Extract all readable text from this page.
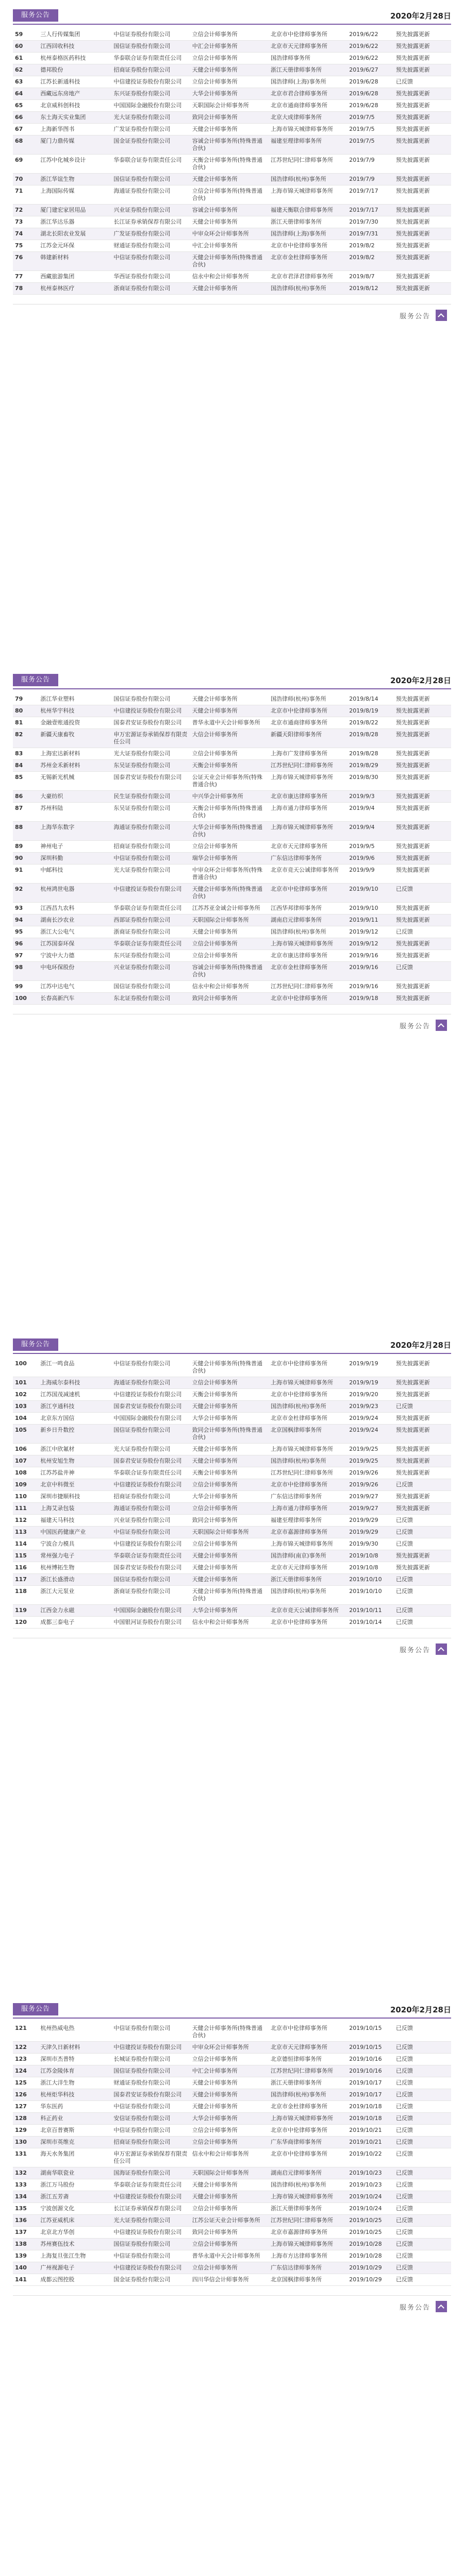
服务公告	2020年2月28日
59	三人行传媒集团	中信证券股份有限公司	立信会计师事务所	北京市中伦律师事务所	2019/6/22	预先披露更新
60	江西回收科技	国信证券股份有限公司	中汇会计师事务所	北京市天元律师事务所	2019/6/22	预先披露更新
61	杭州泰格医药科技	华泰联合证券有限责任公司	立信会计师事务所	国浩律师事务所	2019/6/22	预先披露更新
62	德邦股份	招商证券股份有限公司	天健会计师事务所	浙江天册律师事务所	2019/6/27	预先披露更新
63	江苏长新通科技	中信建投证券股份有限公司	立信会计师事务所	国浩律师(上海)事务所	2019/6/28	已反馈
64	西藏远东房地产	东兴证券股份有限公司	大华会计师事务所	北京市君合律师事务所	2019/6/28	预先披露更新
65	北京威科创科技	中国国际金融股份有限公司	天职国际会计师事务所	北京市通商律师事务所	2019/6/28	预先披露更新
66	东土海天实业集团	光大证券股份有限公司	致同会计师事务所	北京大成律师事务所	2019/7/5	预先披露更新
67	上海新华图书	广发证券股份有限公司	天健会计师事务所	上海市锦天城律师事务所	2019/7/5	预先披露更新
68	厦门力鼎传媒	国金证券股份有限公司	容诚会计师事务所(特殊普通合伙)	福建至理律师事务所	2019/7/5	预先披露更新
69	江苏中化城乡设计	华泰联合证券有限责任公司	天衡会计师事务所(特殊普通合伙)	江苏世纪同仁律师事务所	2019/7/9	预先披露更新
70	浙江华谊生物	国信证券股份有限公司	天健会计师事务所	国浩律师(杭州)事务所	2019/7/9	预先披露更新
71	上海国际传媒	海通证券股份有限公司	立信会计师事务所(特殊普通合伙)	上海市锦天城律师事务所	2019/7/17	预先披露更新
72	厦门建宏家居用品	兴业证券股份有限公司	容诚会计师事务所	福建天衡联合律师事务所	2019/7/17	预先披露更新
73	浙江华达乐器	长江证券承销保荐有限公司	天健会计师事务所	浙江天册律师事务所	2019/7/30	预先披露更新
74	湖北长阳农业发展	广发证券股份有限公司	中审众环会计师事务所	国浩律师(上海)事务所	2019/7/31	预先披露更新
75	江苏金元环保	财通证券股份有限公司	中汇会计师事务所	北京市中伦律师事务所	2019/8/2	预先披露更新
76	韩建新材料	中信证券股份有限公司	天健会计师事务所(特殊普通合伙)	北京市金杜律师事务所	2019/8/2	预先披露更新
77	西藏旅游集团	华西证券股份有限公司	信永中和会计师事务所	北京市君泽君律师事务所	2019/8/7	预先披露更新
78	杭州泰林医疗	浙商证券股份有限公司	天健会计师事务所	国浩律师(杭州)事务所	2019/8/12	预先披露更新
服务公告
服务公告	2020年2月28日
79	浙江华业塑料	国信证券股份有限公司	天健会计师事务所	国浩律师(杭州)事务所	2019/8/14	预先披露更新
80	杭州华宇科技	中信建投证券股份有限公司	天健会计师事务所	北京市中伦律师事务所	2019/8/19	预先披露更新
81	金融壹账通投资	国泰君安证券股份有限公司	普华永道中天会计师事务所	北京市通商律师事务所	2019/8/22	预先披露更新
82	新疆天康畜牧	申万宏源证券承销保荐有限责任公司	大信会计师事务所	新疆天阳律师事务所	2019/8/28	预先披露更新
83	上海宏达新材料	光大证券股份有限公司	立信会计师事务所	上海市广发律师事务所	2019/8/28	预先披露更新
84	苏州金禾新材料	东吴证券股份有限公司	天衡会计师事务所	江苏世纪同仁律师事务所	2019/8/29	预先披露更新
85	无锡新光机械	国泰君安证券股份有限公司	公证天业会计师事务所(特殊普通合伙)	上海市锦天城律师事务所	2019/8/30	预先披露更新
86	大豪纺织	民生证券股份有限公司	中兴华会计师事务所	北京市康达律师事务所	2019/9/3	预先披露更新
87	苏州科陆	东吴证券股份有限公司	天衡会计师事务所(特殊普通合伙)	上海市通力律师事务所	2019/9/4	预先披露更新
88	上海华东数字	海通证券股份有限公司	大华会计师事务所(特殊普通合伙)	上海市锦天城律师事务所	2019/9/4	预先披露更新
89	神州电子	招商证券股份有限公司	立信会计师事务所	北京市天元律师事务所	2019/9/5	预先披露更新
90	深圳科勤	中信证券股份有限公司	瑞华会计师事务所	广东信达律师事务所	2019/9/6	预先披露更新
91	中邮科技	光大证券股份有限公司	中审众环会计师事务所(特殊普通合伙)	北京市竞天公诚律师事务所	2019/9/9	预先披露更新
92	杭州鸿世电器	中信建投证券股份有限公司	天健会计师事务所(特殊普通合伙)	北京市中伦律师事务所	2019/9/10	已反馈
93	江西昌九农科	华泰联合证券有限责任公司	江苏苏亚金诚会计师事务所	江西华邦律师事务所	2019/9/10	预先披露更新
94	湖南长沙农业	西部证券股份有限公司	天职国际会计师事务所	湖南启元律师事务所	2019/9/11	预先披露更新
95	浙江大公电气	浙商证券股份有限公司	天健会计师事务所	国浩律师(杭州)事务所	2019/9/12	已反馈
96	江苏国泰环保	华泰联合证券有限责任公司	立信会计师事务所	上海市锦天城律师事务所	2019/9/12	预先披露更新
97	宁波中大力德	东兴证券股份有限公司	立信会计师事务所	北京市康达律师事务所	2019/9/16	预先披露更新
98	中电环保股份	兴业证券股份有限公司	容诚会计师事务所(特殊普通合伙)	北京市金杜律师事务所	2019/9/16	已反馈
99	江苏中达电气	国信证券股份有限公司	信永中和会计师事务所	江苏世纪同仁律师事务所	2019/9/16	预先披露更新
100	长春高新汽车	东北证券股份有限公司	致同会计师事务所	北京市中伦律师事务所	2019/9/18	预先披露更新
服务公告
服务公告	2020年2月28日
100	浙江一鸣食品	中信证券股份有限公司	天健会计师事务所(特殊普通合伙)	北京市中伦律师事务所	2019/9/19	预先披露更新
101	上海威尔泰科技	海通证券股份有限公司	立信会计师事务所	上海市锦天城律师事务所	2019/9/19	预先披露更新
102	江苏国茂减速机	中信建投证券股份有限公司	天衡会计师事务所	北京市中伦律师事务所	2019/9/20	预先披露更新
103	浙江亨通科技	国泰君安证券股份有限公司	天健会计师事务所	国浩律师(杭州)事务所	2019/9/23	已反馈
104	北京东方国信	中国国际金融股份有限公司	大华会计师事务所	北京市金杜律师事务所	2019/9/24	预先披露更新
105	新乡日升数控	国信证券股份有限公司	致同会计师事务所(特殊普通合伙)	北京国枫律师事务所	2019/9/24	预先披露更新
106	浙江中欣氟材	光大证券股份有限公司	天健会计师事务所	上海市锦天城律师事务所	2019/9/25	预先披露更新
107	杭州安旭生物	国泰君安证券股份有限公司	天健会计师事务所	国浩律师(杭州)事务所	2019/9/25	预先披露更新
108	江苏苏盐井神	华泰联合证券有限责任公司	天衡会计师事务所	江苏世纪同仁律师事务所	2019/9/26	预先披露更新
109	北京中科微至	中信建投证券股份有限公司	立信会计师事务所	北京市中伦律师事务所	2019/9/26	已反馈
110	深圳市捷顺科技	招商证券股份有限公司	大华会计师事务所	广东信达律师事务所	2019/9/27	预先披露更新
111	上海艾录包装	海通证券股份有限公司	立信会计师事务所	上海市通力律师事务所	2019/9/27	预先披露更新
112	福建天马科技	兴业证券股份有限公司	致同会计师事务所	福建至理律师事务所	2019/9/29	已反馈
113	中国医药健康产业	中信证券股份有限公司	天职国际会计师事务所	北京市嘉源律师事务所	2019/9/29	已反馈
114	宁波合力模具	中信建投证券股份有限公司	立信会计师事务所	上海市锦天城律师事务所	2019/9/30	已反馈
115	常州强力电子	华泰联合证券有限责任公司	天健会计师事务所	国浩律师(南京)事务所	2019/10/8	预先披露更新
116	杭州博拓生物	国泰君安证券股份有限公司	天健会计师事务所	北京市天元律师事务所	2019/10/8	预先披露更新
117	浙江长盛滑动	国信证券股份有限公司	天健会计师事务所	浙江天册律师事务所	2019/10/10	已反馈
118	浙江大元泵业	浙商证券股份有限公司	天健会计师事务所(特殊普通合伙)	国浩律师(杭州)事务所	2019/10/10	已反馈
119	江西金力永磁	中国国际金融股份有限公司	大华会计师事务所	北京市竞天公诚律师事务所	2019/10/11	已反馈
120	成都三泰电子	中国银河证券股份有限公司	信永中和会计师事务所	北京市中伦律师事务所	2019/10/14	已反馈
服务公告
服务公告	2020年2月28日
121	杭州热威电热	中信证券股份有限公司	天健会计师事务所(特殊普通合伙)	北京市中伦律师事务所	2019/10/15	已反馈
122	天津久日新材料	中信建投证券股份有限公司	中审众环会计师事务所	北京市天元律师事务所	2019/10/15	已反馈
123	深圳市杰普特	长城证券股份有限公司	立信会计师事务所	北京德恒律师事务所	2019/10/16	已反馈
124	江苏金陵体育	国信证券股份有限公司	中汇会计师事务所	江苏世纪同仁律师事务所	2019/10/16	已反馈
125	浙江大洋生物	财通证券股份有限公司	天健会计师事务所	浙江天册律师事务所	2019/10/17	已反馈
126	杭州炬华科技	国泰君安证券股份有限公司	天健会计师事务所	国浩律师(杭州)事务所	2019/10/17	已反馈
127	华东医药	中信证券股份有限公司	天健会计师事务所	北京市金杜律师事务所	2019/10/18	已反馈
128	科正药业	安信证券股份有限公司	大华会计师事务所	上海市锦天城律师事务所	2019/10/18	已反馈
129	北京百普赛斯	中信证券股份有限公司	立信会计师事务所	北京市中伦律师事务所	2019/10/21	已反馈
130	深圳市英维克	招商证券股份有限公司	立信会计师事务所	广东华商律师事务所	2019/10/21	已反馈
131	海天水务集团	申万宏源证券承销保荐有限责任公司	信永中和会计师事务所	北京市中伦律师事务所	2019/10/22	已反馈
132	湖南华联瓷业	国海证券股份有限公司	天职国际会计师事务所	湖南启元律师事务所	2019/10/23	已反馈
133	浙江万马股份	华泰联合证券有限责任公司	天健会计师事务所	国浩律师(杭州)事务所	2019/10/23	已反馈
134	浙江五芳斋	中信建投证券股份有限公司	天健会计师事务所	上海市锦天城律师事务所	2019/10/24	已反馈
135	宁波创源文化	长江证券承销保荐有限公司	立信会计师事务所	浙江天册律师事务所	2019/10/24	已反馈
136	江苏亚威机床	光大证券股份有限公司	江苏公证天业会计师事务所	江苏世纪同仁律师事务所	2019/10/25	已反馈
137	北京北方华创	中信建投证券股份有限公司	致同会计师事务所	北京市嘉源律师事务所	2019/10/25	已反馈
138	苏州赛伍技术	国信证券股份有限公司	立信会计师事务所	上海市锦天城律师事务所	2019/10/28	已反馈
139	上海复旦张江生物	中信证券股份有限公司	普华永道中天会计师事务所	上海市方达律师事务所	2019/10/28	已反馈
140	广州视源电子	中信建投证券股份有限公司	立信会计师事务所	广东信达律师事务所	2019/10/29	已反馈
141	成都云图控股	国金证券股份有限公司	四川华信会计师事务所	北京国枫律师事务所	2019/10/29	已反馈
服务公告
